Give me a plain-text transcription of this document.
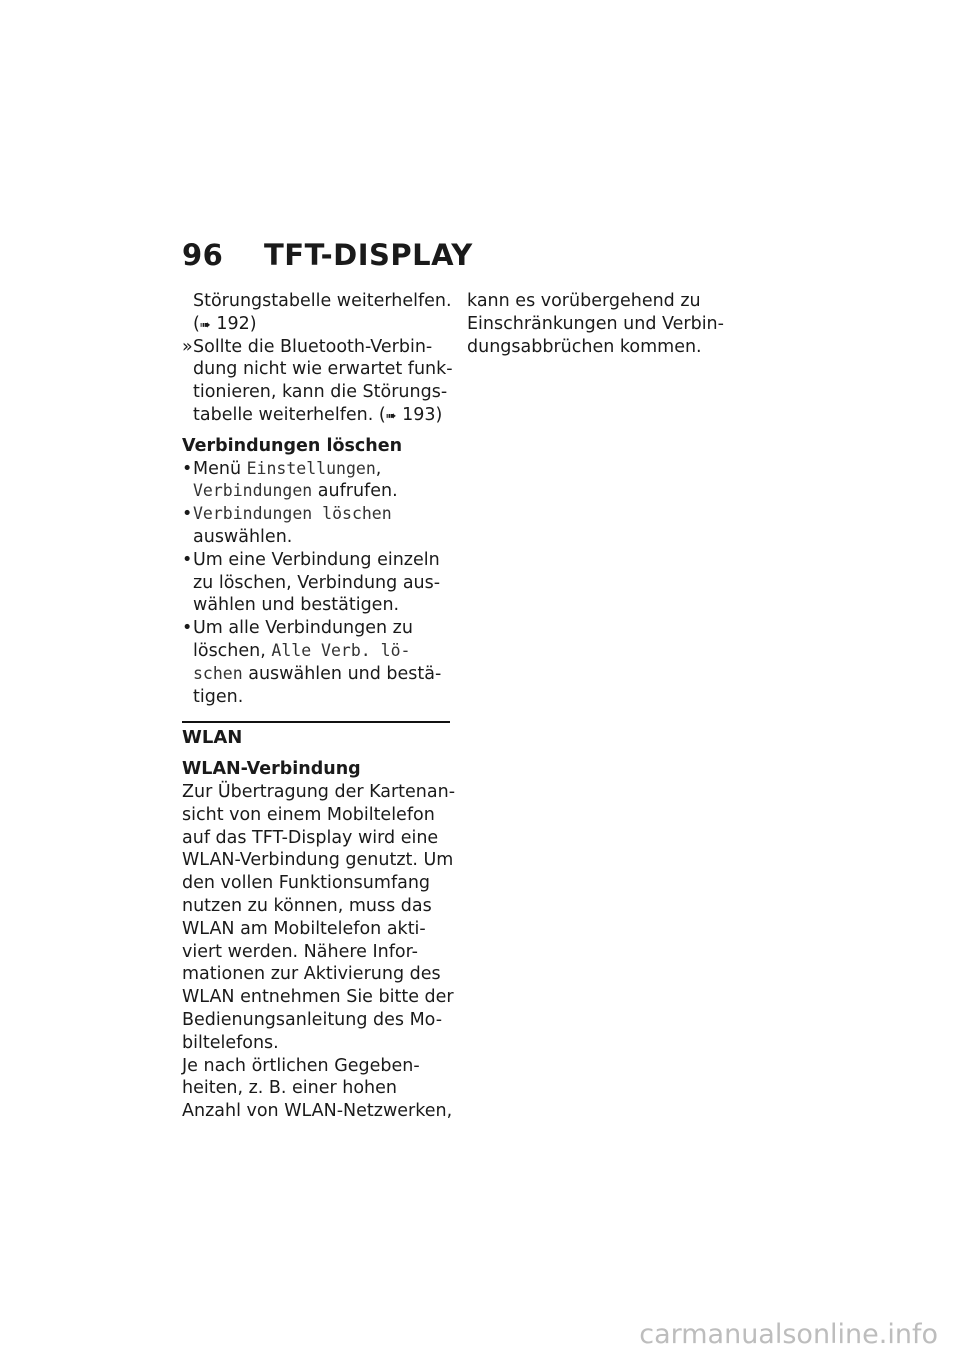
96 TFT-DISPLAY
Störungstabelle weiterhelfen.
(➠ 192)
»Sollte die Bluetooth-Verbin-
dung nicht wie erwartet funk-
tionieren, kann die Störungs-
tabelle weiterhelfen. (➠ 193)
Verbindungen löschen
•Menü Einstellungen,
Verbindungen aufrufen.
•Verbindungen löschen
auswählen.
•Um eine Verbindung einzeln
zu löschen, Verbindung aus-
wählen und bestätigen.
•Um alle Verbindungen zu
löschen, Alle Verb. lö-
schen auswählen und bestä-
tigen.
WLAN
WLAN-Verbindung
Zur Übertragung der Kartenan-
sicht von einem Mobiltelefon
auf das TFT-Display wird eine
WLAN-Verbindung genutzt. Um
den vollen Funktionsumfang
nutzen zu können, muss das
WLAN am Mobiltelefon akti-
viert werden. Nähere Infor-
mationen zur Aktivierung des
WLAN entnehmen Sie bitte der
Bedienungsanleitung des Mo-
biltelefons.
Je nach örtlichen Gegeben-
heiten, z. B. einer hohen
Anzahl von WLAN-Netzwerken,
kann es vorübergehend zu
Einschränkungen und Verbin-
dungsabbrüchen kommen.
carmanualsonline.info
